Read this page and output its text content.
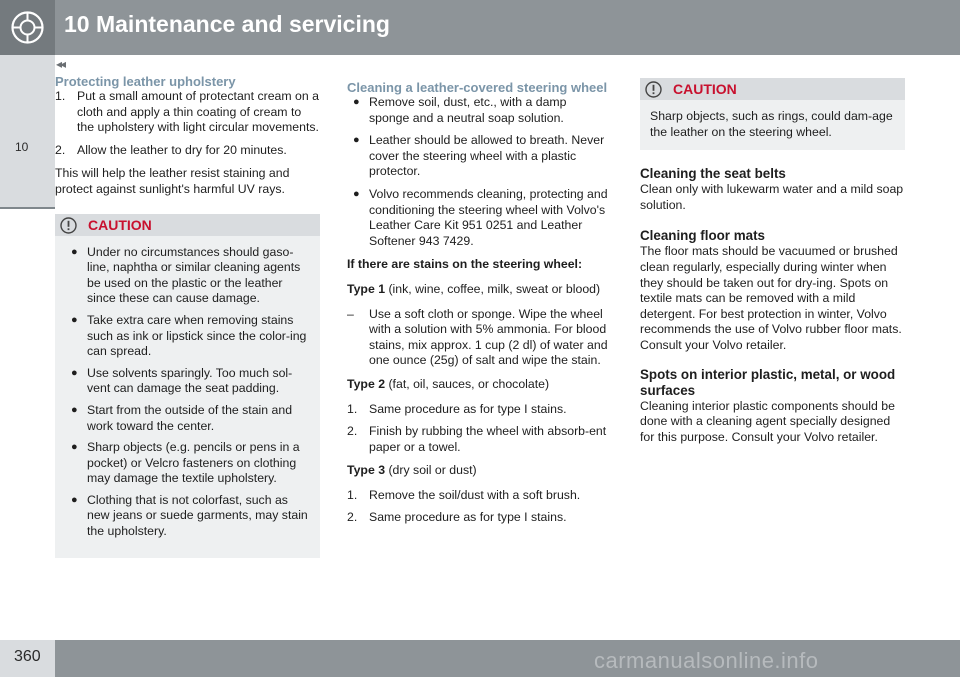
10 Maintenance and servicing
◂◂
10
Protecting leather upholstery
1. Put a small amount of protectant cream on a cloth and apply a thin coating of cream to the upholstery with light circular movements.
2. Allow the leather to dry for 20 minutes.

This will help the leather resist staining and protect against sunlight's harmful UV rays.

CAUTION
● Under no circumstances should gaso-line, naphtha or similar cleaning agents be used on the plastic or the leather since these can cause damage.
● Take extra care when removing stains such as ink or lipstick since the color-ing can spread.
● Use solvents sparingly. Too much sol-vent can damage the seat padding.
● Start from the outside of the stain and work toward the center.
● Sharp objects (e.g. pencils or pens in a pocket) or Velcro fasteners on clothing may damage the textile upholstery.
● Clothing that is not colorfast, such as new jeans or suede garments, may stain the upholstery.
Cleaning a leather-covered steering wheel
● Remove soil, dust, etc., with a damp sponge and a neutral soap solution.
● Leather should be allowed to breath. Never cover the steering wheel with a plastic protector.
● Volvo recommends cleaning, protecting and conditioning the steering wheel with Volvo's Leather Care Kit 951 0251 and Leather Softener 943 7429.

If there are stains on the steering wheel:

Type 1 (ink, wine, coffee, milk, sweat or blood)

– Use a soft cloth or sponge. Wipe the wheel with a solution with 5% ammonia. For blood stains, mix approx. 1 cup (2 dl) of water and one ounce (25g) of salt and wipe the stain.

Type 2 (fat, oil, sauces, or chocolate)

1. Same procedure as for type I stains.
2. Finish by rubbing the wheel with absorb-ent paper or a towel.

Type 3 (dry soil or dust)

1. Remove the soil/dust with a soft brush.
2. Same procedure as for type I stains.
CAUTION

Sharp objects, such as rings, could dam-age the leather on the steering wheel.

Cleaning the seat belts

Clean only with lukewarm water and a mild soap solution.

Cleaning floor mats

The floor mats should be vacuumed or brushed clean regularly, especially during winter when they should be taken out for dry-ing. Spots on textile mats can be removed with a mild detergent. For best protection in winter, Volvo recommends the use of Volvo rubber floor mats. Consult your Volvo retailer.

Spots on interior plastic, metal, or wood surfaces

Cleaning interior plastic components should be done with a cleaning agent specially designed for this purpose. Consult your Volvo retailer.

360	carmanualsonline.info
